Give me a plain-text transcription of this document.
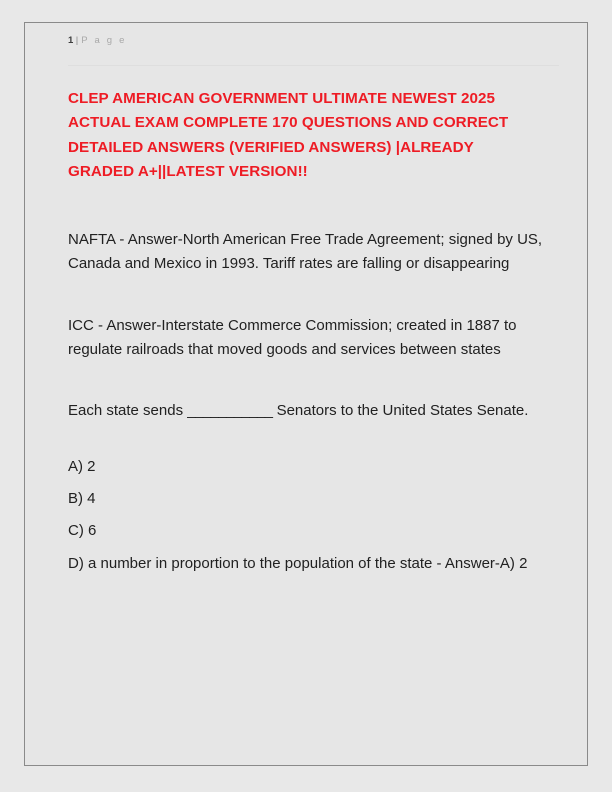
1 | P a g e
CLEP AMERICAN GOVERNMENT ULTIMATE NEWEST 2025 ACTUAL EXAM COMPLETE 170 QUESTIONS AND CORRECT DETAILED ANSWERS (VERIFIED ANSWERS) |ALREADY GRADED A+||LATEST VERSION!!
NAFTA - Answer-North American Free Trade Agreement; signed by US, Canada and Mexico in 1993. Tariff rates are falling or disappearing
ICC - Answer-Interstate Commerce Commission; created in 1887 to regulate railroads that moved goods and services between states
Each state sends ___________ Senators to the United States Senate.
A) 2
B) 4
C) 6
D) a number in proportion to the population of the state - Answer-A) 2
